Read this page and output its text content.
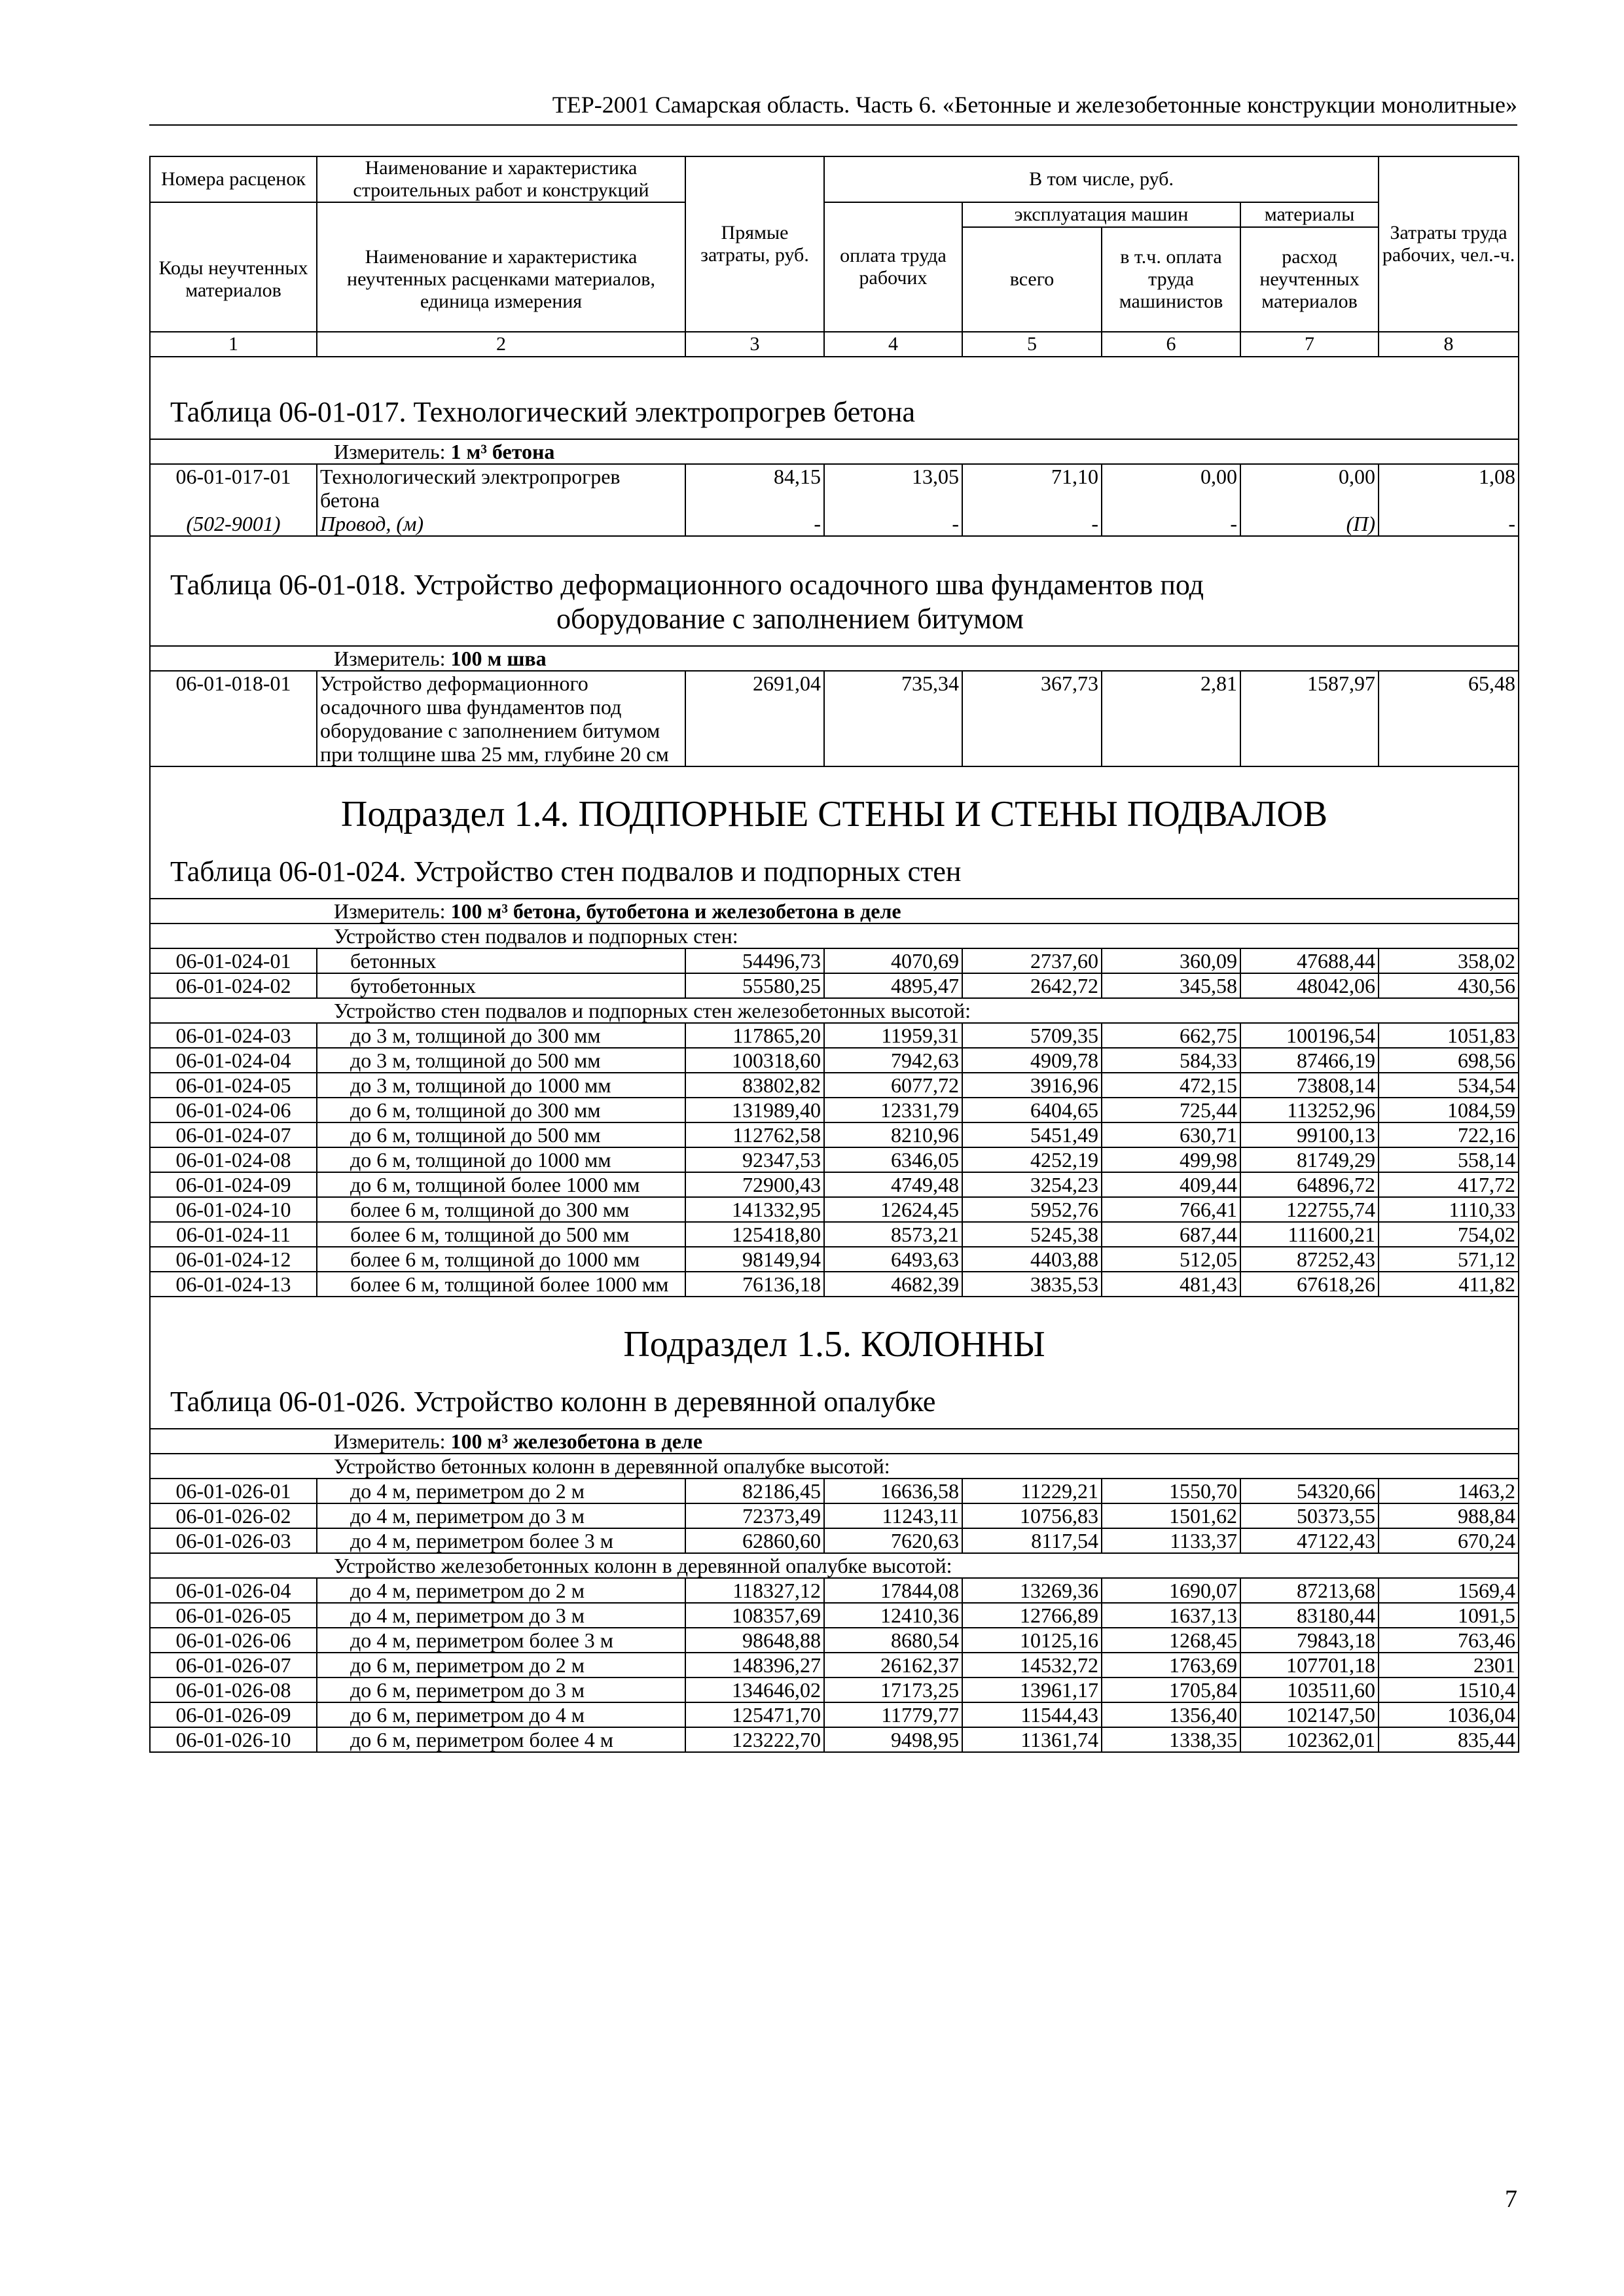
ТЕР-2001 Самарская область. Часть 6. «Бетонные и железобетонные конструкции монолитные»
Номера расценок	Наименование и характеристика строительных работ и конструкций	Прямые затраты, руб.	В том числе, руб.				Затраты труда рабочих, чел.-ч.
			оплата труда рабочих	эксплуатация машин		материалы	
Коды неучтенных материалов	Наименование и характеристика неучтенных расценками материалов, единица измерения			всего	в т.ч. оплата труда машинистов	расход неучтенных материалов	
1	2	3	4	5	6	7	8
Таблица 06-01-017. Технологический электропрогрев бетона							
Измеритель: 1 м³ бетона							
06-01-017-01	Технологический электропрогрев бетона	84,15	13,05	71,10	0,00	0,00	1,08
(502-9001)	Провод, (м)	-	-	-	-	(П)	-
Таблица 06-01-018. Устройство деформационного осадочного шва фундаментов под
оборудование с заполнением битумом							

Измеритель: 100 м шва							
06-01-018-01	Устройство деформационного осадочного шва фундаментов под оборудование с заполнением битумом при толщине шва 25 мм, глубине 20 см	2691,04	735,34	367,73	2,81	1587,97	65,48
Подраздел 1.4. ПОДПОРНЫЕ СТЕНЫ И СТЕНЫ ПОДВАЛОВ							
Таблица 06-01-024. Устройство стен подвалов и подпорных стен							
Измеритель: 100 м³ бетона, бутобетона и железобетона в деле							
Устройство стен подвалов и подпорных стен:							
06-01-024-01	бетонных	54496,73	4070,69	2737,60	360,09	47688,44	358,02
06-01-024-02	бутобетонных	55580,25	4895,47	2642,72	345,58	48042,06	430,56
Устройство стен подвалов и подпорных стен железобетонных высотой:							
06-01-024-03	до 3 м, толщиной до 300 мм	117865,20	11959,31	5709,35	662,75	100196,54	1051,83
06-01-024-04	до 3 м, толщиной до 500 мм	100318,60	7942,63	4909,78	584,33	87466,19	698,56
06-01-024-05	до 3 м, толщиной до 1000 мм	83802,82	6077,72	3916,96	472,15	73808,14	534,54
06-01-024-06	до 6 м, толщиной до 300 мм	131989,40	12331,79	6404,65	725,44	113252,96	1084,59
06-01-024-07	до 6 м, толщиной до 500 мм	112762,58	8210,96	5451,49	630,71	99100,13	722,16
06-01-024-08	до 6 м, толщиной до 1000 мм	92347,53	6346,05	4252,19	499,98	81749,29	558,14
06-01-024-09	до 6 м, толщиной более 1000 мм	72900,43	4749,48	3254,23	409,44	64896,72	417,72
06-01-024-10	более 6 м, толщиной до 300 мм	141332,95	12624,45	5952,76	766,41	122755,74	1110,33
06-01-024-11	более 6 м, толщиной до 500 мм	125418,80	8573,21	5245,38	687,44	111600,21	754,02
06-01-024-12	более 6 м, толщиной до 1000 мм	98149,94	6493,63	4403,88	512,05	87252,43	571,12
06-01-024-13	более 6 м, толщиной более 1000 мм	76136,18	4682,39	3835,53	481,43	67618,26	411,82
Подраздел 1.5. КОЛОННЫ							
Таблица 06-01-026. Устройство колонн в деревянной опалубке							
Измеритель: 100 м³ железобетона в деле							
Устройство бетонных колонн в деревянной опалубке высотой:							
06-01-026-01	до 4 м, периметром до 2 м	82186,45	16636,58	11229,21	1550,70	54320,66	1463,2
06-01-026-02	до 4 м, периметром до 3 м	72373,49	11243,11	10756,83	1501,62	50373,55	988,84
06-01-026-03	до 4 м, периметром более 3 м	62860,60	7620,63	8117,54	1133,37	47122,43	670,24
Устройство железобетонных колонн в деревянной опалубке высотой:							
06-01-026-04	до 4 м, периметром до 2 м	118327,12	17844,08	13269,36	1690,07	87213,68	1569,4
06-01-026-05	до 4 м, периметром до 3 м	108357,69	12410,36	12766,89	1637,13	83180,44	1091,5
06-01-026-06	до 4 м, периметром более 3 м	98648,88	8680,54	10125,16	1268,45	79843,18	763,46
06-01-026-07	до 6 м, периметром до 2 м	148396,27	26162,37	14532,72	1763,69	107701,18	2301
06-01-026-08	до 6 м, периметром до 3 м	134646,02	17173,25	13961,17	1705,84	103511,60	1510,4
06-01-026-09	до 6 м, периметром до 4 м	125471,70	11779,77	11544,43	1356,40	102147,50	1036,04
06-01-026-10	до 6 м, периметром более 4 м	123222,70	9498,95	11361,74	1338,35	102362,01	835,44
7
